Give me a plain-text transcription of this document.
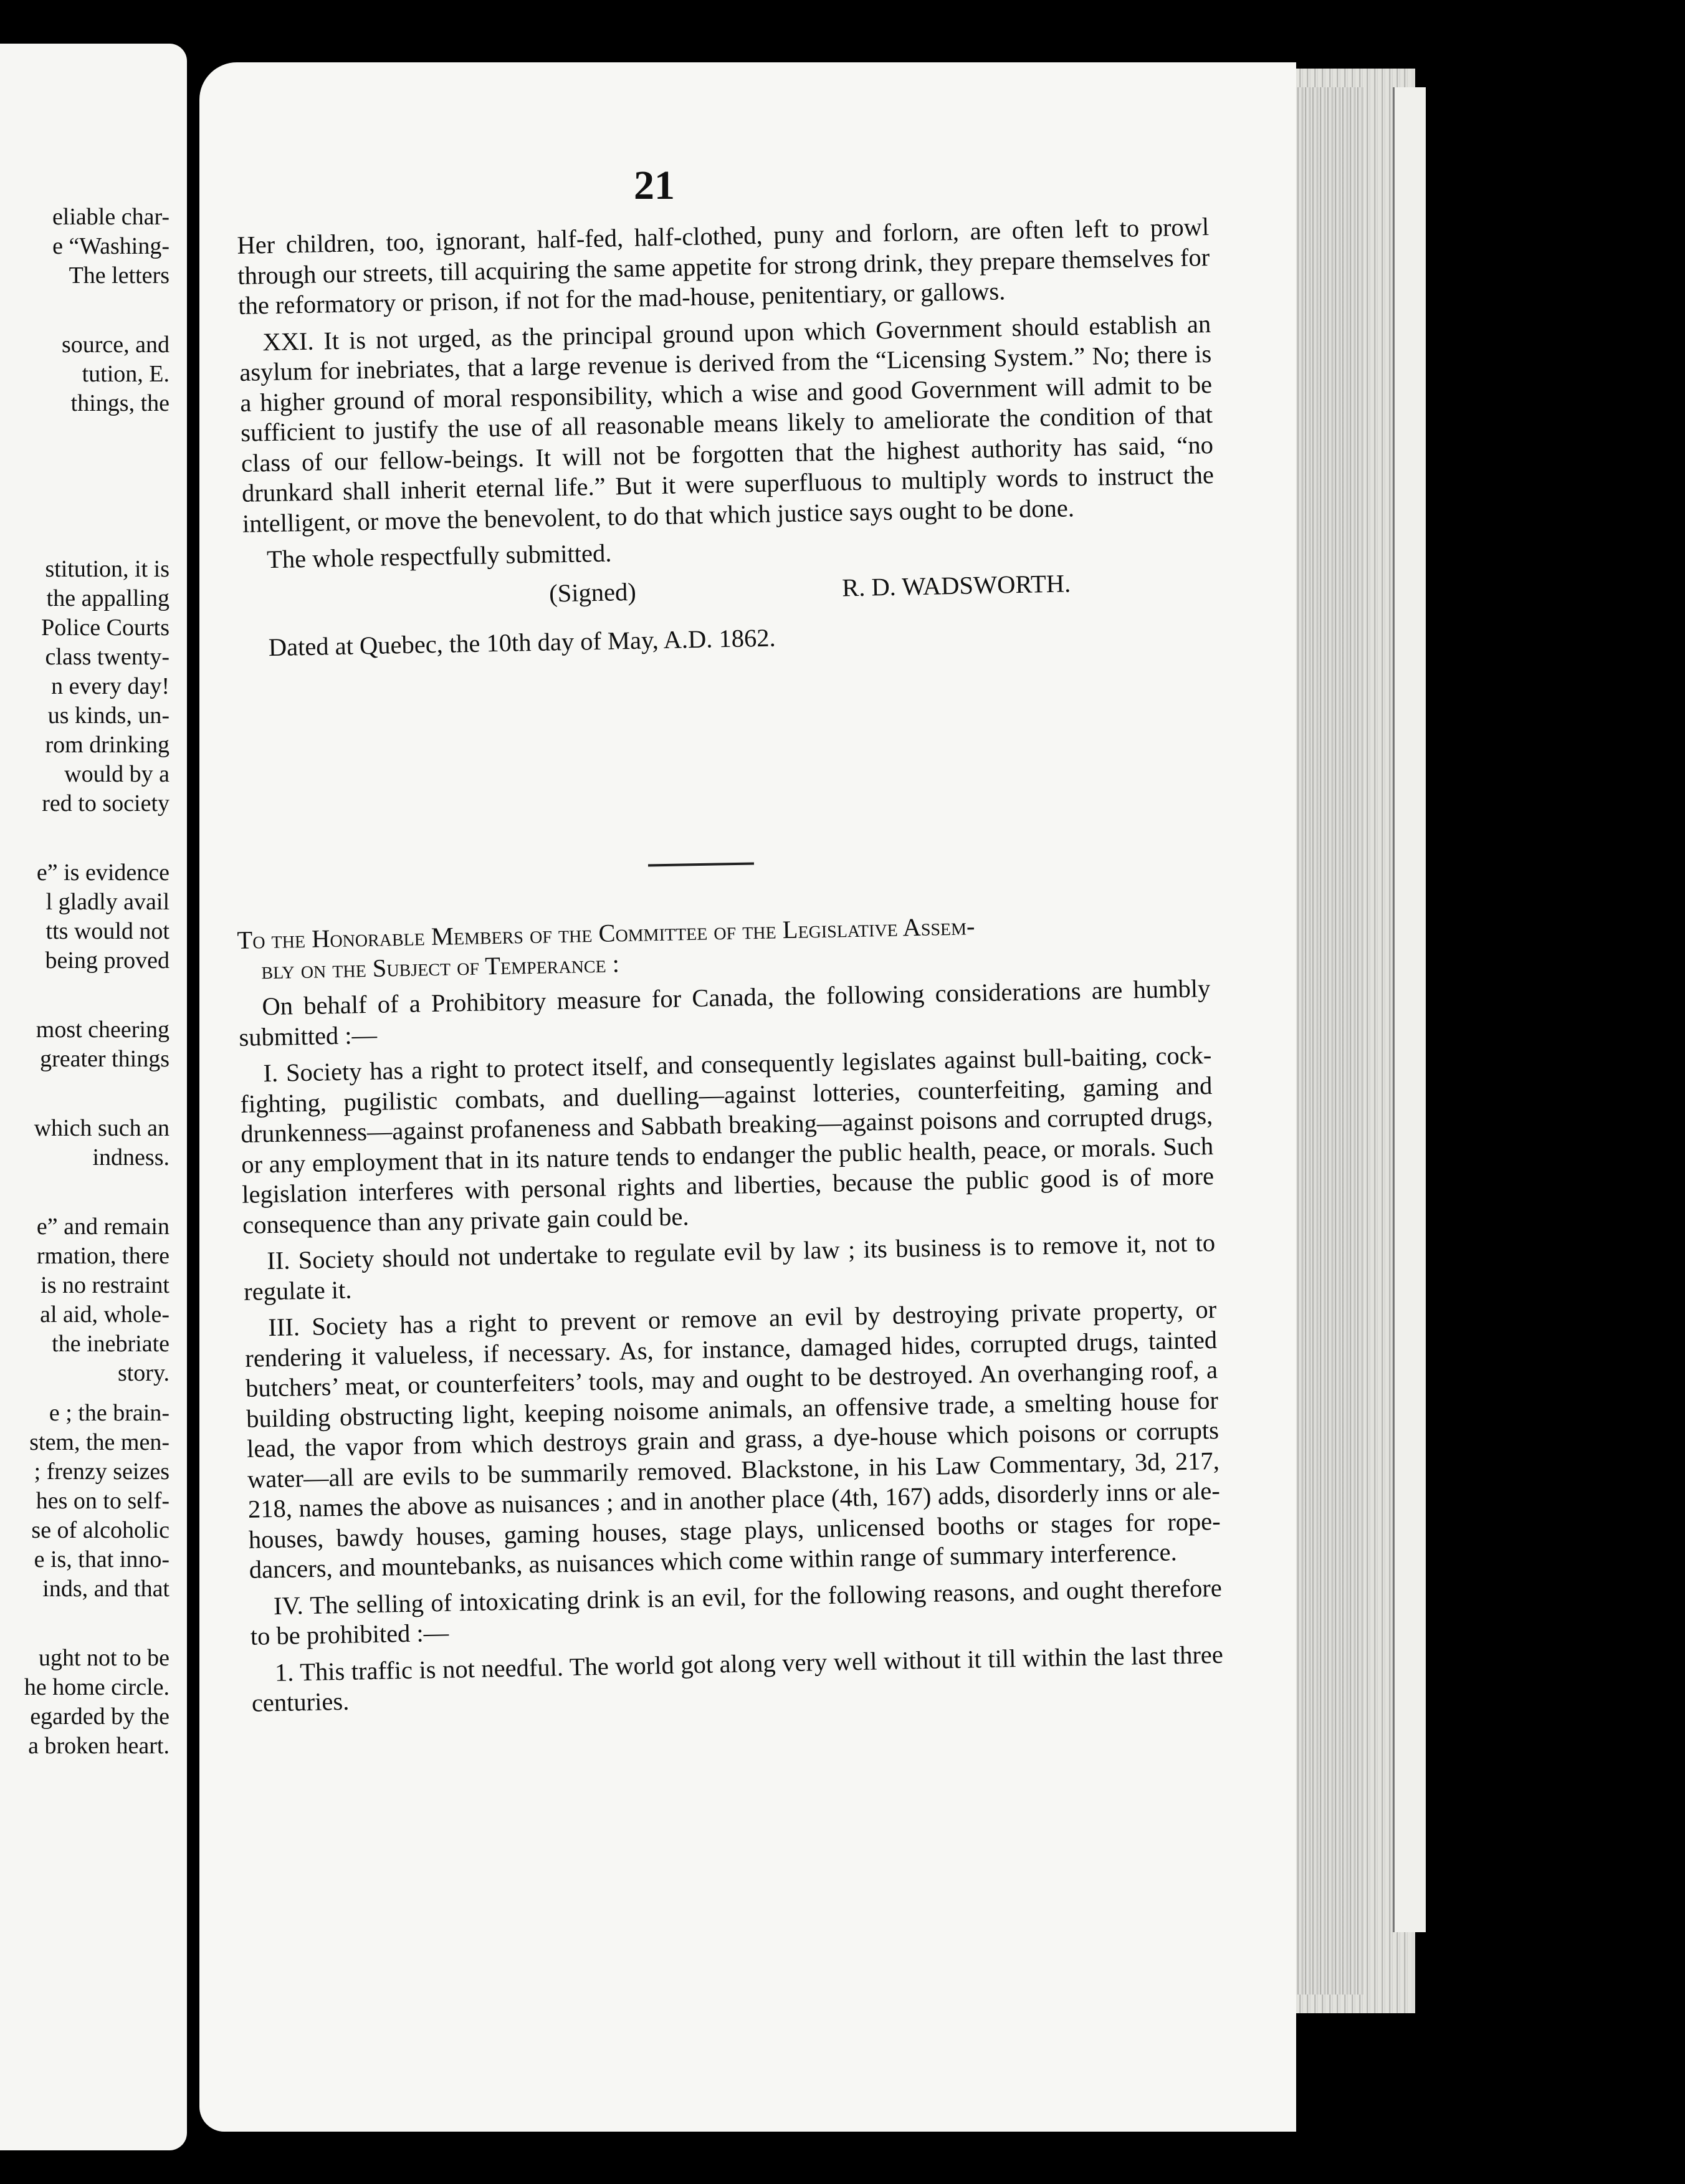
eliable char-
e “Washing-
The letters
source, and
tution, E.
things, the
stitution, it is
the appalling
Police Courts
class twenty-
n every day!
us kinds, un-
rom drinking
would by a
red to society
e” is evidence
l gladly avail
tts would not
being proved
most cheering
greater things
which such an
indness.
e” and remain
rmation, there
is no restraint
al aid, whole-
the inebriate
story.
e ; the brain-
stem, the men-
; frenzy seizes
hes on to self-
se of alcoholic
e is, that inno-
inds, and that
ught not to be
he home circle.
egarded by the
a broken heart.
21

Her children, too, ignorant, half-fed, half-clothed, puny and forlorn, are often left to prowl through our streets, till acquiring the same appetite for strong drink, they prepare themselves for the reformatory or prison, if not for the mad-house, penitentiary, or gallows.

XXI. It is not urged, as the principal ground upon which Government should establish an asylum for inebriates, that a large revenue is derived from the “Licensing System.” No; there is a higher ground of moral responsibility, which a wise and good Government will admit to be sufficient to justify the use of all reasonable means likely to ameliorate the condition of that class of our fellow-beings. It will not be forgotten that the highest authority has said, “no drunkard shall inherit eternal life.” But it were superfluous to multiply words to instruct the intelligent, or move the benevolent, to do that which justice says ought to be done.

The whole respectfully submitted.

(Signed)	R. D. WADSWORTH.

Dated at Quebec, the 10th day of May, A.D. 1862.

To the Honorable Members of the Committee of the Legislative Assem-
bly on the Subject of Temperance :

On behalf of a Prohibitory measure for Canada, the following considerations are humbly submitted :—

I. Society has a right to protect itself, and consequently legislates against bull-baiting, cock-fighting, pugilistic combats, and duelling—against lotteries, counterfeiting, gaming and drunkenness—against profaneness and Sabbath breaking—against poisons and corrupted drugs, or any employment that in its nature tends to endanger the public health, peace, or morals. Such legislation interferes with personal rights and liberties, because the public good is of more consequence than any private gain could be.

II. Society should not undertake to regulate evil by law ; its business is to remove it, not to regulate it.

III. Society has a right to prevent or remove an evil by destroying private property, or rendering it valueless, if necessary. As, for instance, damaged hides, corrupted drugs, tainted butchers’ meat, or counterfeiters’ tools, may and ought to be destroyed. An overhanging roof, a building obstructing light, keeping noisome animals, an offensive trade, a smelting house for lead, the vapor from which destroys grain and grass, a dye-house which poisons or corrupts water—all are evils to be summarily removed. Blackstone, in his Law Commentary, 3d, 217, 218, names the above as nuisances ; and in another place (4th, 167) adds, disorderly inns or ale-houses, bawdy houses, gaming houses, stage plays, unlicensed booths or stages for rope-dancers, and mountebanks, as nuisances which come within range of summary interference.

IV. The selling of intoxicating drink is an evil, for the following reasons, and ought therefore to be prohibited :—

1. This traffic is not needful. The world got along very well without it till within the last three centuries.
